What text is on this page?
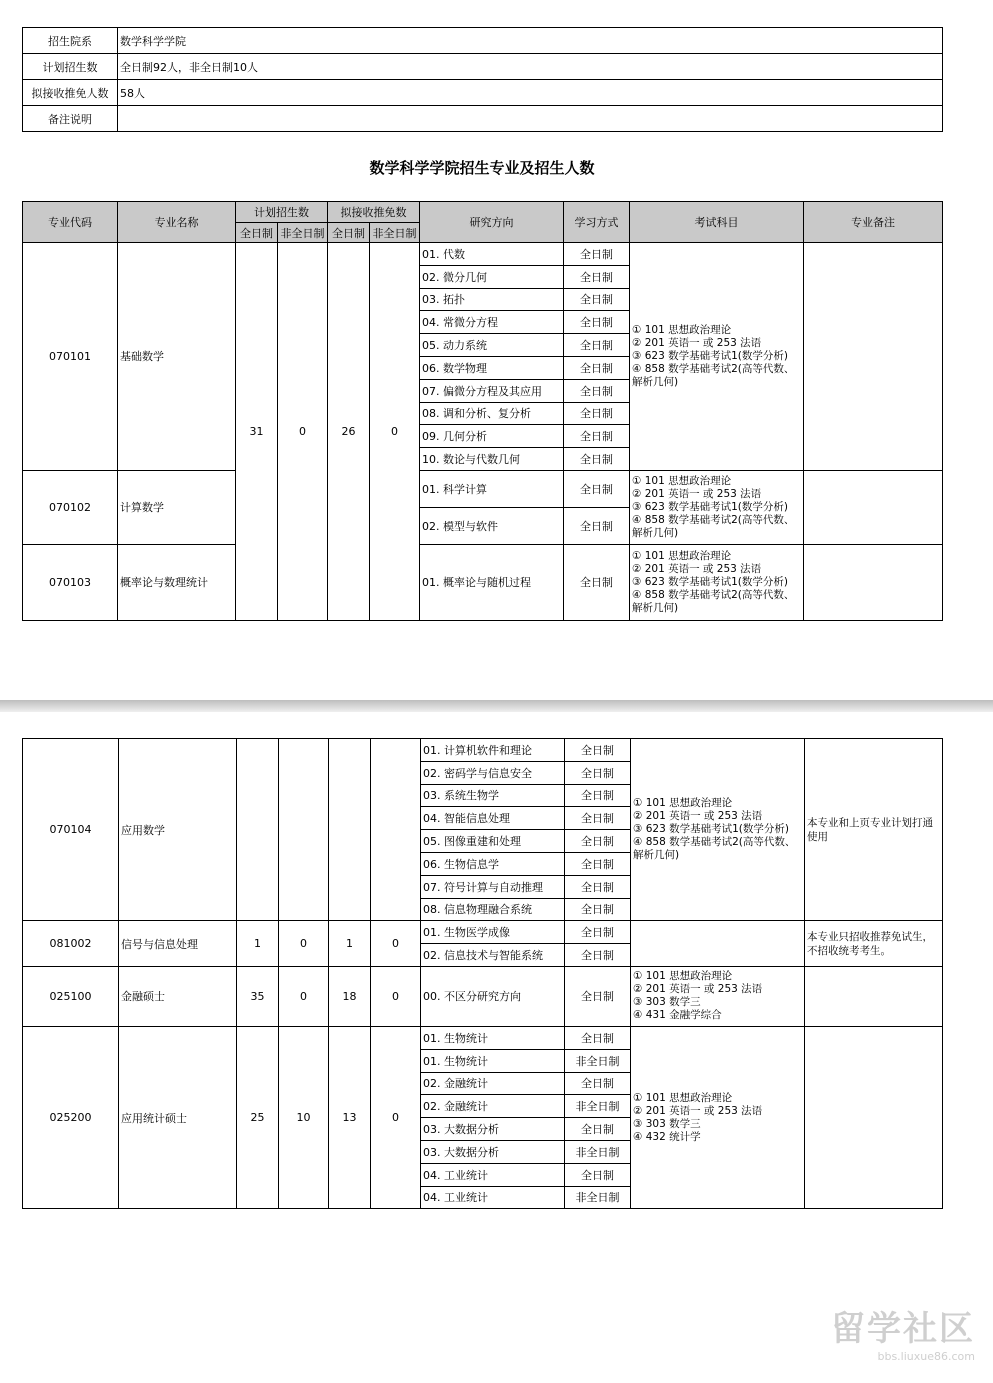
招生院系	数学科学学院
计划招生数	全日制92人，非全日制10人
拟接收推免人数	58人
备注说明	
数学科学学院招生专业及招生人数
专业代码	专业名称	计划招生数		拟接收推免数		研究方向	学习方式	考试科目	专业备注
		全日制	非全日制	全日制	非全日制				
070101	基础数学	31	0	26	0	01. 代数	全日制	① 101 思想政治理论
② 201 英语一 或 253 法语
③ 623 数学基础考试1(数学分析)
④ 858 数学基础考试2(高等代数、解析几何)	
						02. 微分几何	全日制		
						03. 拓扑	全日制		
						04. 常微分方程	全日制		
						05. 动力系统	全日制		
						06. 数学物理	全日制		
						07. 偏微分方程及其应用	全日制		
						08. 调和分析、复分析	全日制		
						09. 几何分析	全日制		
						10. 数论与代数几何	全日制		
070102	计算数学					01. 科学计算	全日制	① 101 思想政治理论
② 201 英语一 或 253 法语
③ 623 数学基础考试1(数学分析)
④ 858 数学基础考试2(高等代数、解析几何)	
						02. 模型与软件	全日制		
070103	概率论与数理统计					01. 概率论与随机过程	全日制	① 101 思想政治理论
② 201 英语一 或 253 法语
③ 623 数学基础考试1(数学分析)
④ 858 数学基础考试2(高等代数、解析几何)	
070104	应用数学					01. 计算机软件和理论	全日制	① 101 思想政治理论
② 201 英语一 或 253 法语
③ 623 数学基础考试1(数学分析)
④ 858 数学基础考试2(高等代数、解析几何)	本专业和上页专业计划打通使用
						02. 密码学与信息安全	全日制		
						03. 系统生物学	全日制		
						04. 智能信息处理	全日制		
						05. 图像重建和处理	全日制		
						06. 生物信息学	全日制		
						07. 符号计算与自动推理	全日制		
						08. 信息物理融合系统	全日制		
081002	信号与信息处理	1	0	1	0	01. 生物医学成像	全日制		本专业只招收推荐免试生，不招收统考考生。
						02. 信息技术与智能系统	全日制		
025100	金融硕士	35	0	18	0	00. 不区分研究方向	全日制	① 101 思想政治理论
② 201 英语一 或 253 法语
③ 303 数学三
④ 431 金融学综合	
025200	应用统计硕士	25	10	13	0	01. 生物统计	全日制	① 101 思想政治理论
② 201 英语一 或 253 法语
③ 303 数学三
④ 432 统计学	
						01. 生物统计	非全日制		
						02. 金融统计	全日制		
						02. 金融统计	非全日制		
						03. 大数据分析	全日制		
						03. 大数据分析	非全日制		
						04. 工业统计	全日制		
						04. 工业统计	非全日制		
留学社区
bbs.liuxue86.com
